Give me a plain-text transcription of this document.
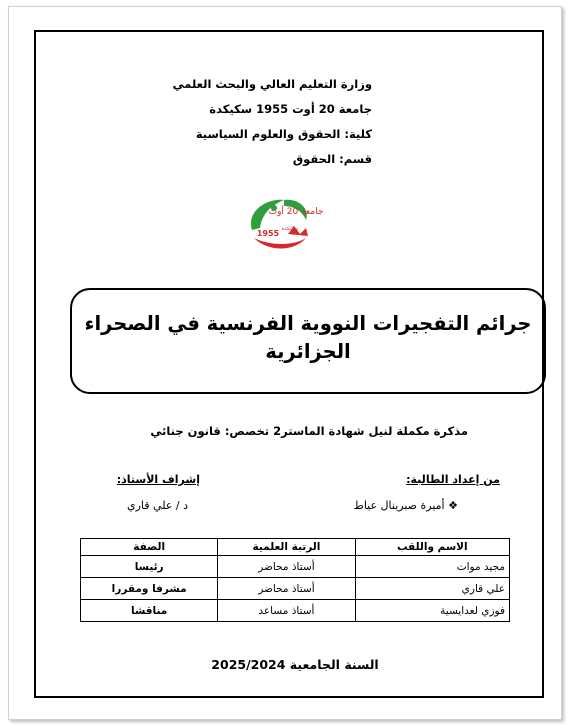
وزارة التعليم العالي والبحث العلمي
جامعة 20 أوت 1955 سكيكدة
كلية: الحقوق والعلوم السياسية
قسم: الحقوق
جامعة 20 أوت
1955 سكيكدة
جرائم التفجيرات النووية الفرنسية في الصحراء
الجزائرية
مذكرة مكملة لنيل شهادة الماستر2 تخصص: قانون جنائي
من إعداد الطالبة:
❖ أميرة صبرينال عياط
إشراف الأستاذ:
د / علي قاري
الاسم واللقب	الرتبة العلمية	الصفة
مجيد موات	أستاذ محاضر	رئيسا
علي قاري	أستاذ محاضر	مشرفا ومقررا
فوزي لعدايسية	أستاذ مساعد	مناقشا
السنة الجامعية 2025/2024
